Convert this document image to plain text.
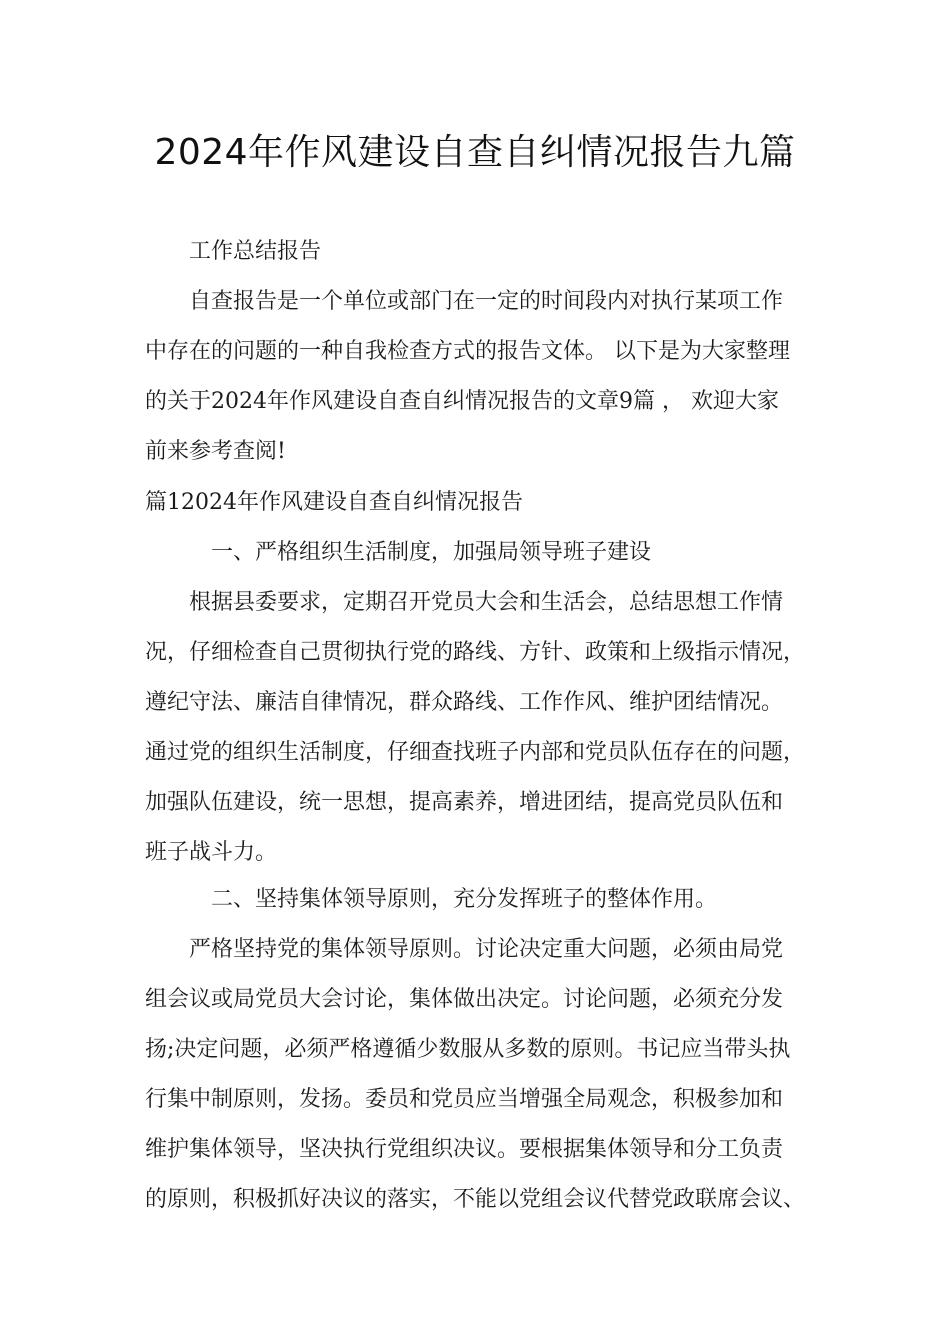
2024年作风建设自查自纠情况报告九篇

工作总结报告

自查报告是一个单位或部门在一定的时间段内对执行某项工作

中存在的问题的一种自我检查方式的报告文体。 以下是为大家整理

的关于2024年作风建设自查自纠情况报告的文章9篇 ， 欢迎大家

前来参考查阅!

篇12024年作风建设自查自纠情况报告

一、严格组织生活制度，加强局领导班子建设

根据县委要求，定期召开党员大会和生活会，总结思想工作情

况，仔细检查自己贯彻执行党的路线、方针、政策和上级指示情况，

遵纪守法、廉洁自律情况，群众路线、工作作风、维护团结情况。

通过党的组织生活制度，仔细查找班子内部和党员队伍存在的问题，

加强队伍建设，统一思想，提高素养，增进团结，提高党员队伍和

班子战斗力。

二、坚持集体领导原则，充分发挥班子的整体作用。

严格坚持党的集体领导原则。讨论决定重大问题，必须由局党

组会议或局党员大会讨论，集体做出决定。讨论问题，必须充分发

扬;决定问题，必须严格遵循少数服从多数的原则。书记应当带头执

行集中制原则，发扬。委员和党员应当增强全局观念，积极参加和

维护集体领导，坚决执行党组织决议。要根据集体领导和分工负责

的原则，积极抓好决议的落实，不能以党组会议代替党政联席会议、
